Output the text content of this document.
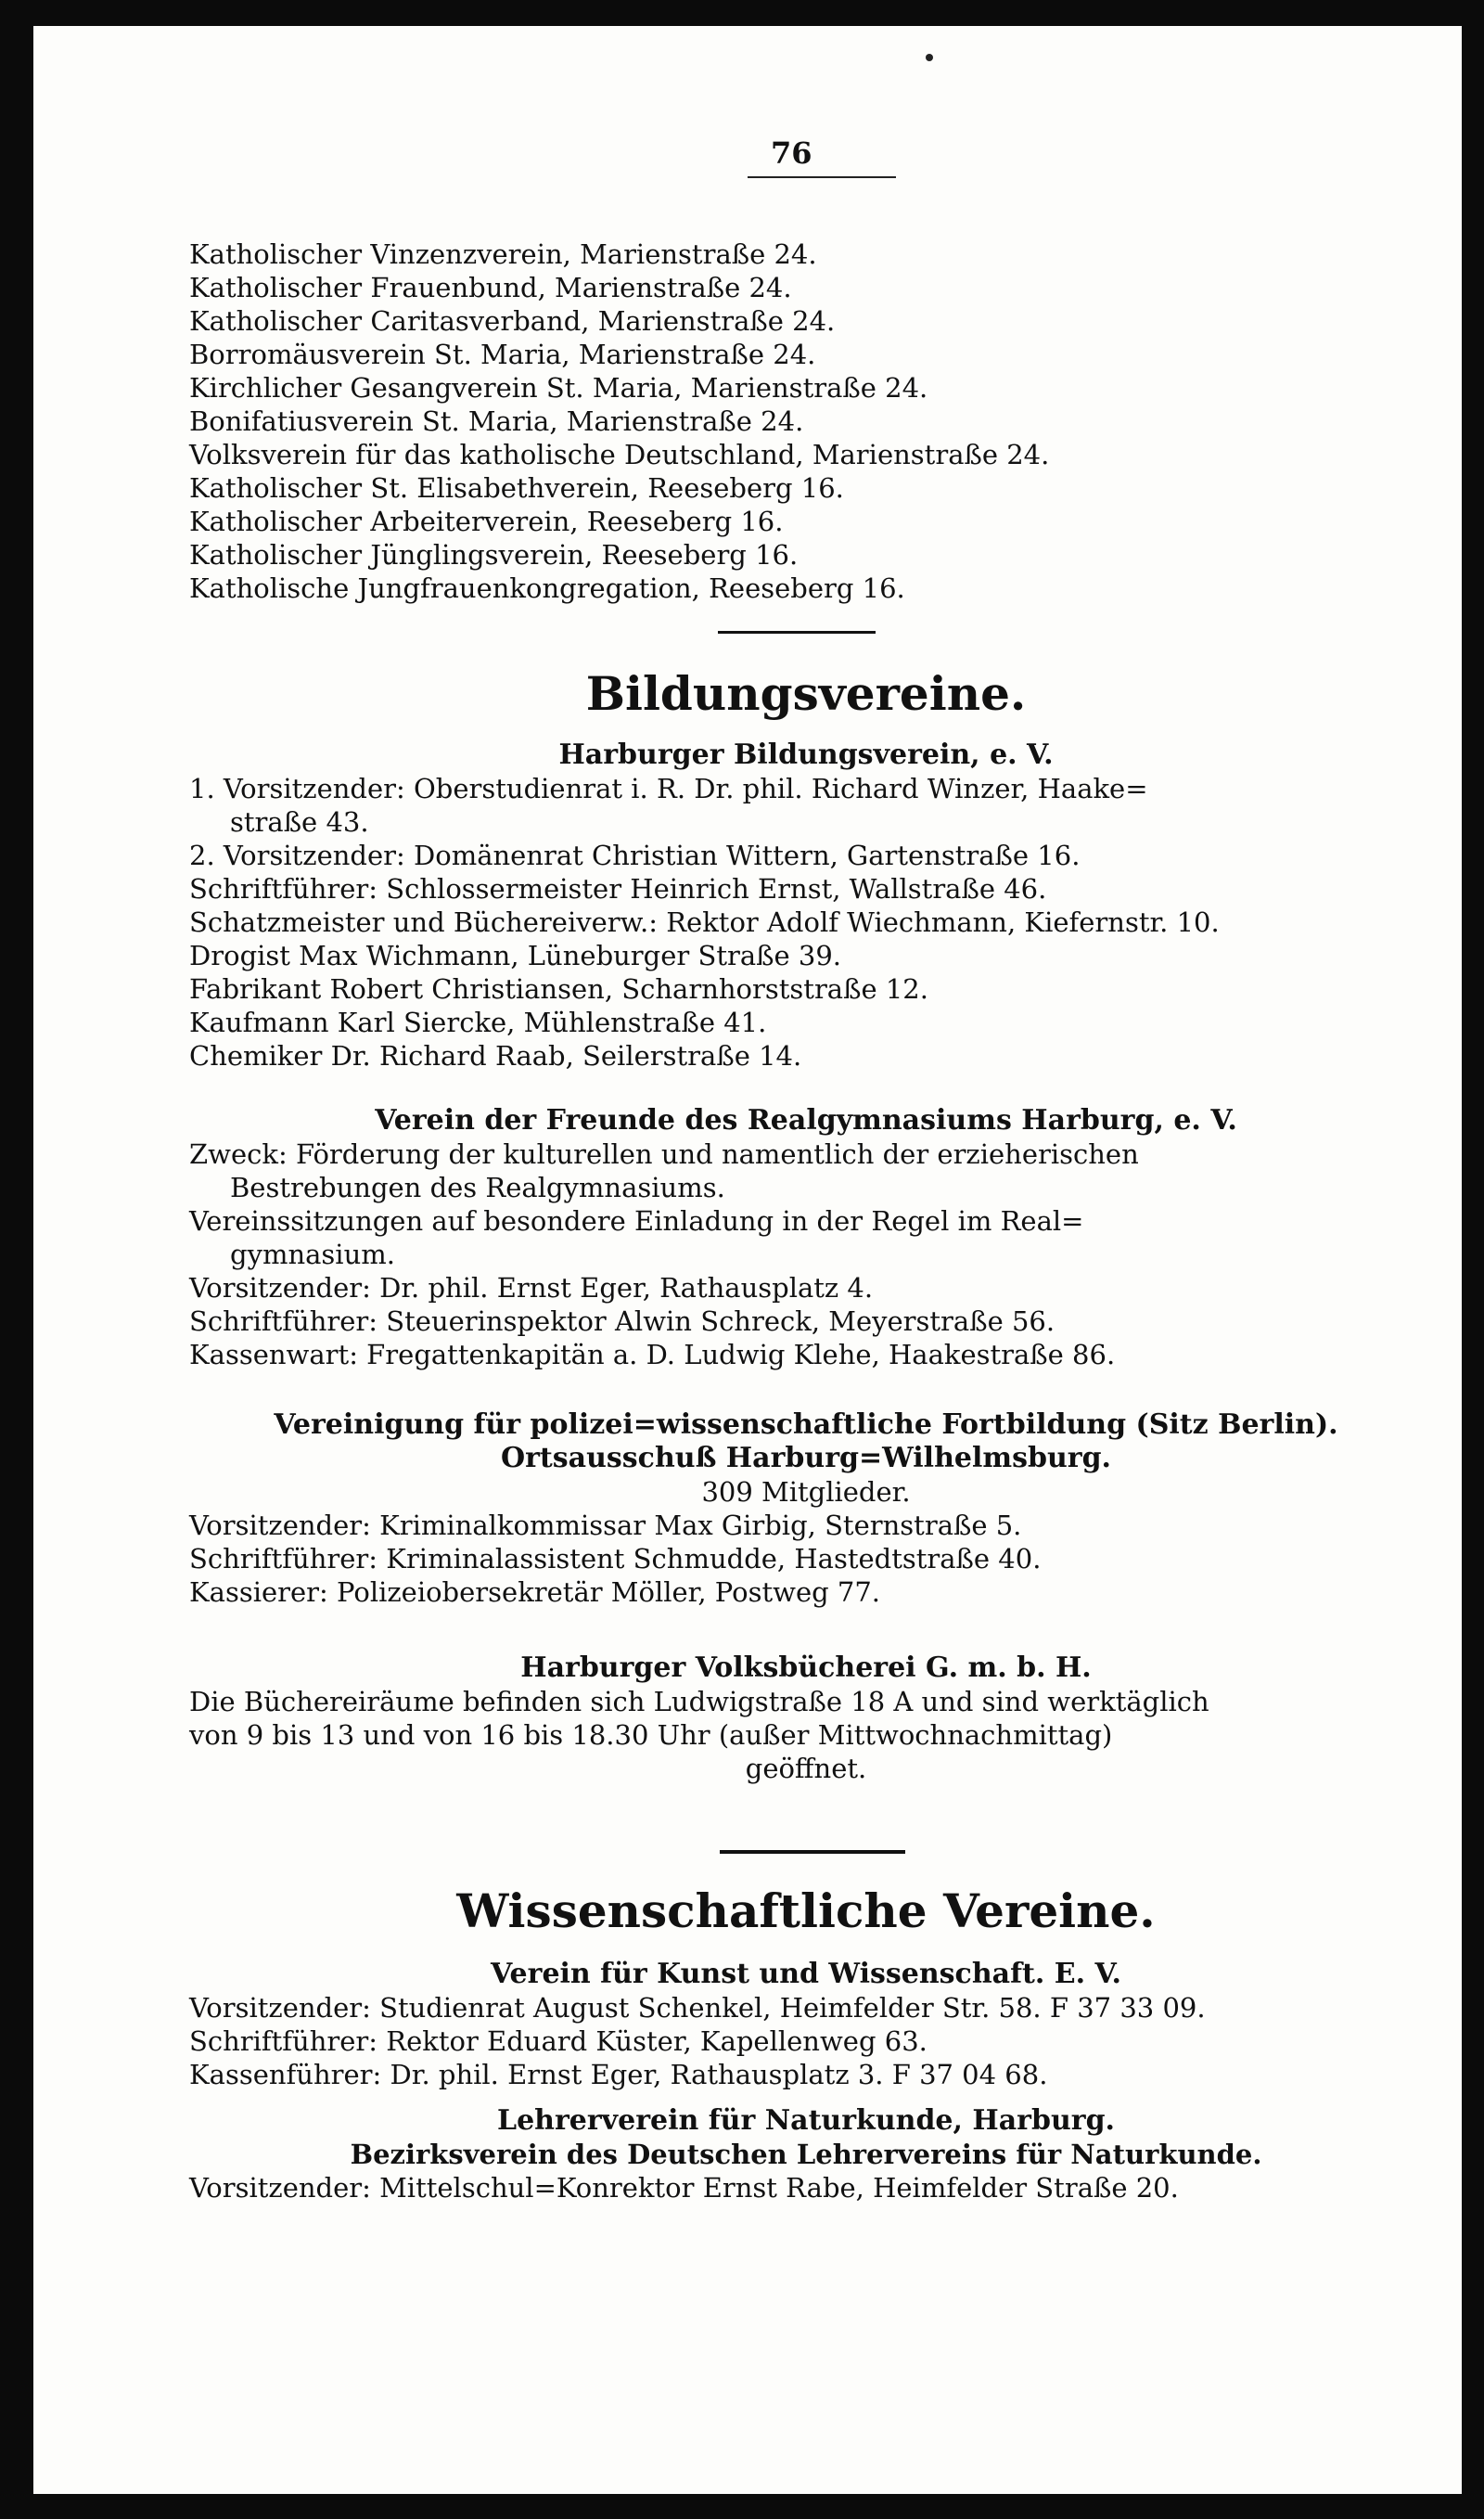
76
Katholischer Vinzenzverein, Marienstraße 24.
Katholischer Frauenbund, Marienstraße 24.
Katholischer Caritasverband, Marienstraße 24.
Borromäusverein St. Maria, Marienstraße 24.
Kirchlicher Gesangverein St. Maria, Marienstraße 24.
Bonifatiusverein St. Maria, Marienstraße 24.
Volksverein für das katholische Deutschland, Marienstraße 24.
Katholischer St. Elisabethverein, Reeseberg 16.
Katholischer Arbeiterverein, Reeseberg 16.
Katholischer Jünglingsverein, Reeseberg 16.
Katholische Jungfrauenkongregation, Reeseberg 16.
Bildungsvereine.
Harburger Bildungsverein, e. V.
1. Vorsitzender: Oberstudienrat i. R. Dr. phil. Richard Winzer, Haake=
straße 43.
2. Vorsitzender: Domänenrat Christian Wittern, Gartenstraße 16.
Schriftführer: Schlossermeister Heinrich Ernst, Wallstraße 46.
Schatzmeister und Büchereiverw.: Rektor Adolf Wiechmann, Kiefernstr. 10.
Drogist Max Wichmann, Lüneburger Straße 39.
Fabrikant Robert Christiansen, Scharnhorststraße 12.
Kaufmann Karl Siercke, Mühlenstraße 41.
Chemiker Dr. Richard Raab, Seilerstraße 14.
Verein der Freunde des Realgymnasiums Harburg, e. V.
Zweck: Förderung der kulturellen und namentlich der erzieherischen
Bestrebungen des Realgymnasiums.
Vereinssitzungen auf besondere Einladung in der Regel im Real=
gymnasium.
Vorsitzender: Dr. phil. Ernst Eger, Rathausplatz 4.
Schriftführer: Steuerinspektor Alwin Schreck, Meyerstraße 56.
Kassenwart: Fregattenkapitän a. D. Ludwig Klehe, Haakestraße 86.
Vereinigung für polizei=wissenschaftliche Fortbildung (Sitz Berlin).
Ortsausschuß Harburg=Wilhelmsburg.
309 Mitglieder.
Vorsitzender: Kriminalkommissar Max Girbig, Sternstraße 5.
Schriftführer: Kriminalassistent Schmudde, Hastedtstraße 40.
Kassierer: Polizeiobersekretär Möller, Postweg 77.
Harburger Volksbücherei G. m. b. H.
Die Büchereiräume befinden sich Ludwigstraße 18 A und sind werktäglich
von 9 bis 13 und von 16 bis 18.30 Uhr (außer Mittwochnachmittag)
geöffnet.
Wissenschaftliche Vereine.
Verein für Kunst und Wissenschaft. E. V.
Vorsitzender: Studienrat August Schenkel, Heimfelder Str. 58. F 37 33 09.
Schriftführer: Rektor Eduard Küster, Kapellenweg 63.
Kassenführer: Dr. phil. Ernst Eger, Rathausplatz 3. F 37 04 68.
Lehrerverein für Naturkunde, Harburg.
Bezirksverein des Deutschen Lehrervereins für Naturkunde.
Vorsitzender: Mittelschul=Konrektor Ernst Rabe, Heimfelder Straße 20.
